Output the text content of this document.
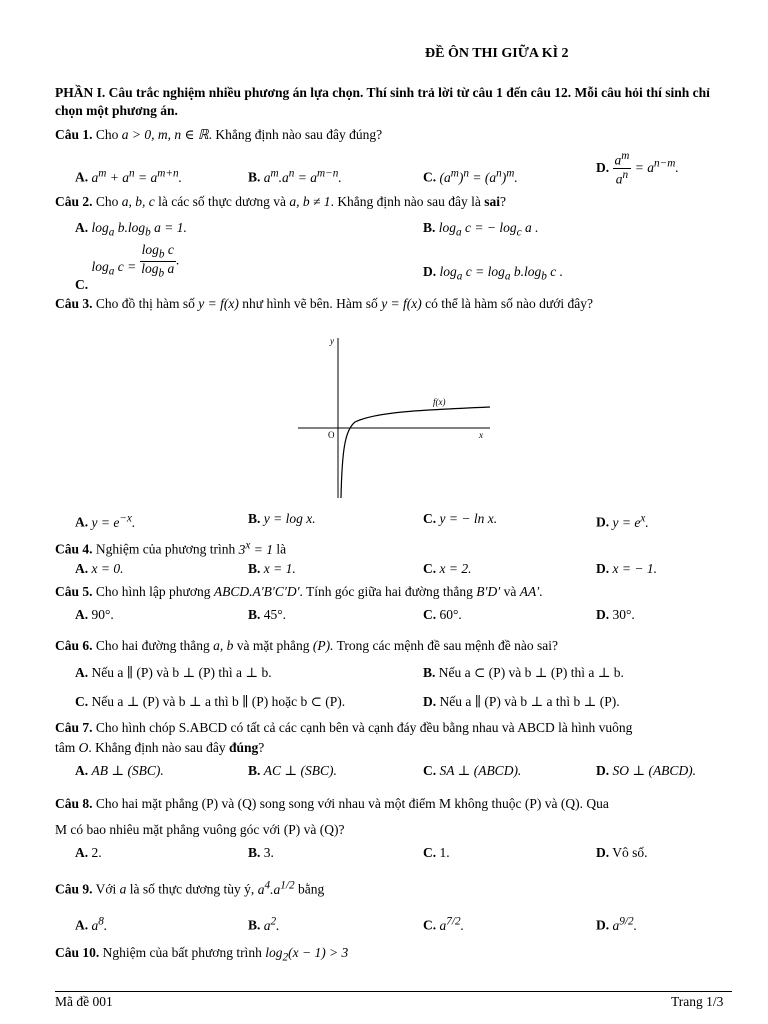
ĐỀ ÔN THI GIỮA KÌ 2
PHẦN I. Câu trắc nghiệm nhiều phương án lựa chọn. Thí sinh trả lời từ câu 1 đến câu 12. Mỗi câu hỏi thí sinh chỉ chọn một phương án.
Câu 1. Cho a > 0, m, n ∈ ℝ. Khẳng định nào sau đây đúng?
A. $a^m + a^n = a^{m+n}$.	B. $a^m.a^n = a^{m-n}$.	C. $(a^m)^n = (a^n)^m$.
D. $\frac{a^m}{a^n} = a^{n-m}$.
Câu 2. Cho a, b, c là các số thực dương và a, b ≠ 1. Khẳng định nào sau đây là sai?
A. $\log_a b.\log_b$ a = 1.	B. $\log_a c$ = − $\log_c a$ .
C. $\log_a c = \frac{\log_b c}{\log_b a}$ .
D. $\log_a c = \log_a b.\log_b$ c .
Câu 3. Cho đồ thị hàm số y = f(x) như hình vẽ bên. Hàm số y = f(x) có thể là hàm số nào dưới đây?
y
x
O
f(x)
A. $y = e^{-x}$.	B. y = log x.	C. y = − ln x.	D. $y = e^x$.
Câu 4. Nghiệm của phương trình $3^x = 1$ là
A. x = 0.	B. x = 1.	C. x = 2.	D. x = − 1.
Câu 5. Cho hình lập phương ABCD.A′B′C′D′. Tính góc giữa hai đường thẳng B′D′ và AA′.
A. 90°.	B. 45°.	C. 60°.	D. 30°.
Câu 6. Cho hai đường thẳng a, b và mặt phẳng (P). Trong các mệnh đề sau mệnh đề nào sai?
A. Nếu a ∥ (P) và b ⊥ (P) thì a ⊥ b.	B. Nếu a ⊂ (P) và b ⊥ (P) thì a ⊥ b.
C. Nếu a ⊥ (P) và b ⊥ a thì b ∥ (P) hoặc b ⊂ (P).	D. Nếu a ∥ (P) và b ⊥ a thì b ⊥ (P).
Câu 7. Cho hình chóp S.ABCD có tất cả các cạnh bên và cạnh đáy đều bằng nhau và ABCD là hình vuông
tâm O. Khẳng định nào sau đây đúng?
A. AB ⊥ (SBC).	B. AC ⊥ (SBC).	C. SA ⊥ (ABCD).	D. SO ⊥ (ABCD).
Câu 8. Cho hai mặt phẳng (P) và (Q) song song với nhau và một điểm M không thuộc (P) và (Q). Qua
M có bao nhiêu mặt phẳng vuông góc với (P) và (Q)?
A. 2.	B. 3.	C. 1.	D. Vô số.
Câu 9. Với a là số thực dương tùy ý, $a^4.a^{1/2}$ bằng
A. $a^8$.	B. $a^2$.	C. $a^{7/2}$.	D. $a^{9/2}$.
Câu 10. Nghiệm của bất phương trình $\log_2(x - 1) > 3$
Mã đề 001	Trang 1/3
